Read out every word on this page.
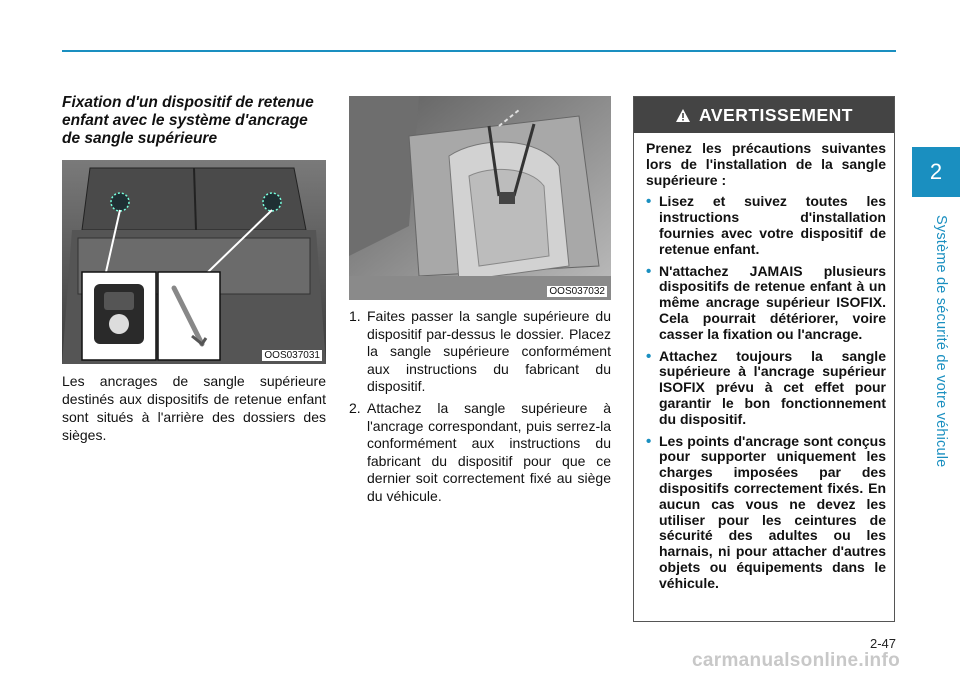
2
Système de sécurité de votre véhicule
Fixation d'un dispositif de retenue enfant avec le système d'ancrage de sangle supérieure
TOP TETHER	OOS037031
Les ancrages de sangle supérieure destinés aux dispositifs de retenue enfant sont situés à l'arrière des dossiers des sièges.
OOS037032
1. Faites passer la sangle supérieure du dispositif par-dessus le dossier. Placez la sangle supérieure conformément aux instructions du fabricant du dispositif.
2. Attachez la sangle supérieure à l'ancrage correspondant, puis serrez-la conformément aux instructions du fabricant du dispositif pour que ce dernier soit correctement fixé au siège du véhicule.
AVERTISSEMENT
Prenez les précautions suivantes lors de l'installation de la sangle supérieure :
• Lisez et suivez toutes les instructions d'installation fournies avec votre dispositif de retenue enfant.
• N'attachez JAMAIS plusieurs dispositifs de retenue enfant à un même ancrage supérieur ISOFIX. Cela pourrait détériorer, voire casser la fixation ou l'ancrage.
• Attachez toujours la sangle supérieure à l'ancrage supérieur ISOFIX prévu à cet effet pour garantir le bon fonctionnement du dispositif.
• Les points d'ancrage sont conçus pour supporter uniquement les charges imposées par des dispositifs correctement fixés. En aucun cas vous ne devez les utiliser pour les ceintures de sécurité des adultes ou les harnais, ni pour attacher d'autres objets ou équipements dans le véhicule.
2-47
carmanualsonline.info
